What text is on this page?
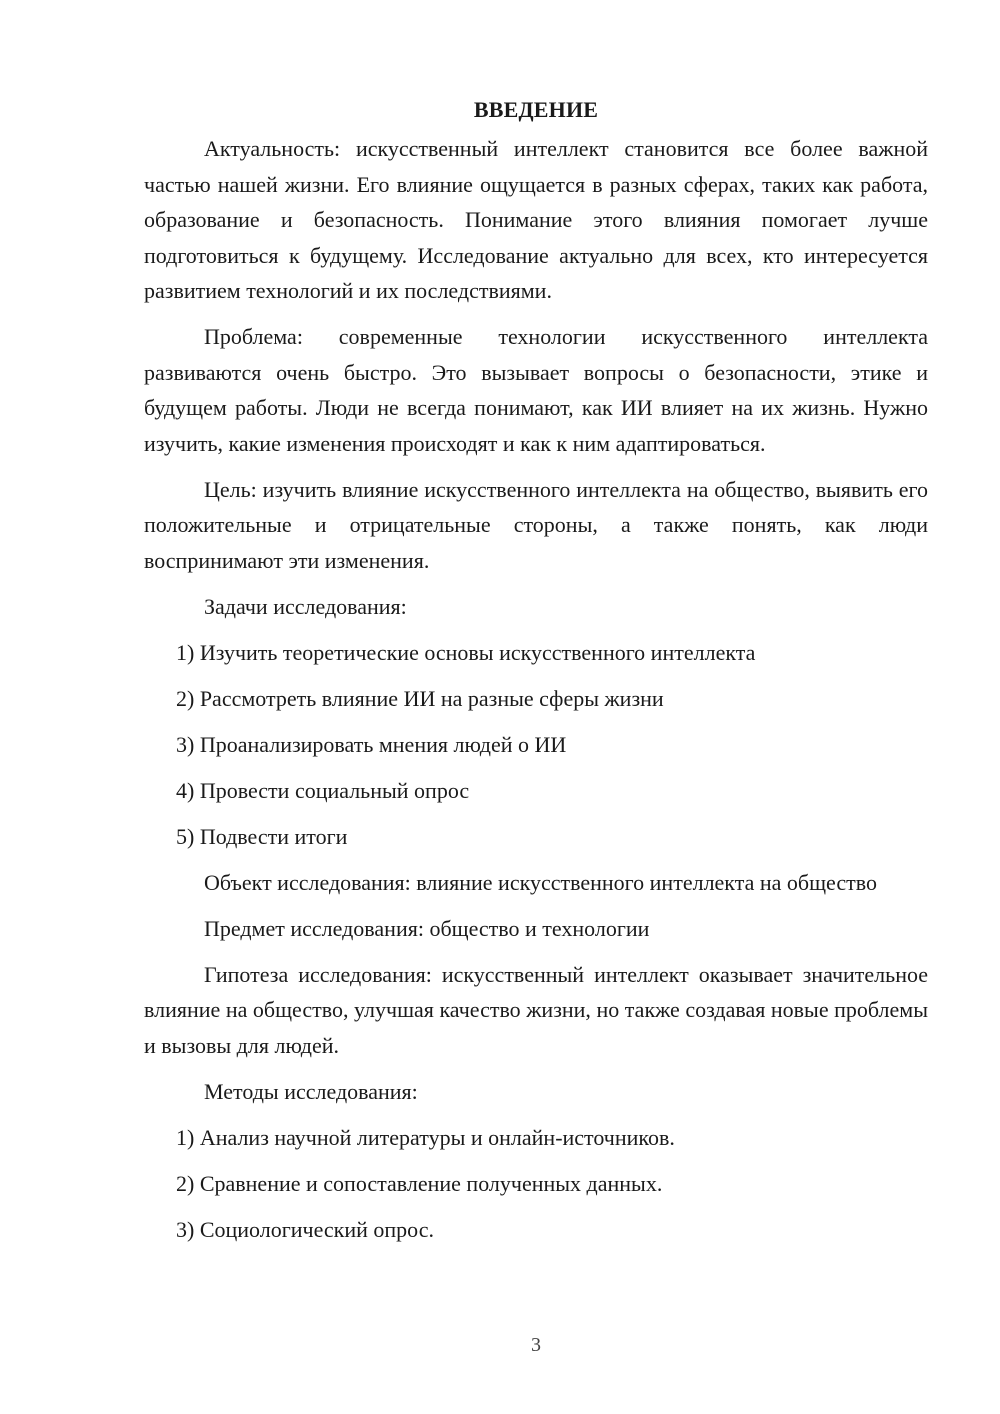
ВВЕДЕНИЕ

Актуальность: искусственный интеллект становится все более важной частью нашей жизни. Его влияние ощущается в разных сферах, таких как работа, образование и безопасность. Понимание этого влияния помогает лучше подготовиться к будущему. Исследование актуально для всех, кто интересуется развитием технологий и их последствиями.

Проблема: современные технологии искусственного интеллекта развиваются очень быстро. Это вызывает вопросы о безопасности, этике и будущем работы. Люди не всегда понимают, как ИИ влияет на их жизнь. Нужно изучить, какие изменения происходят и как к ним адаптироваться.

Цель: изучить влияние искусственного интеллекта на общество, выявить его положительные и отрицательные стороны, а также понять, как люди воспринимают эти изменения.

Задачи исследования:

1) Изучить теоретические основы искусственного интеллекта

2) Рассмотреть влияние ИИ на разные сферы жизни

3) Проанализировать мнения людей о ИИ

4) Провести социальный опрос

5) Подвести итоги

Объект исследования: влияние искусственного интеллекта на общество

Предмет исследования: общество и технологии

Гипотеза исследования: искусственный интеллект оказывает значительное влияние на общество, улучшая качество жизни, но также создавая новые проблемы и вызовы для людей.

Методы исследования:

1) Анализ научной литературы и онлайн-источников.

2) Сравнение и сопоставление полученных данных.

3) Социологический опрос.

3
